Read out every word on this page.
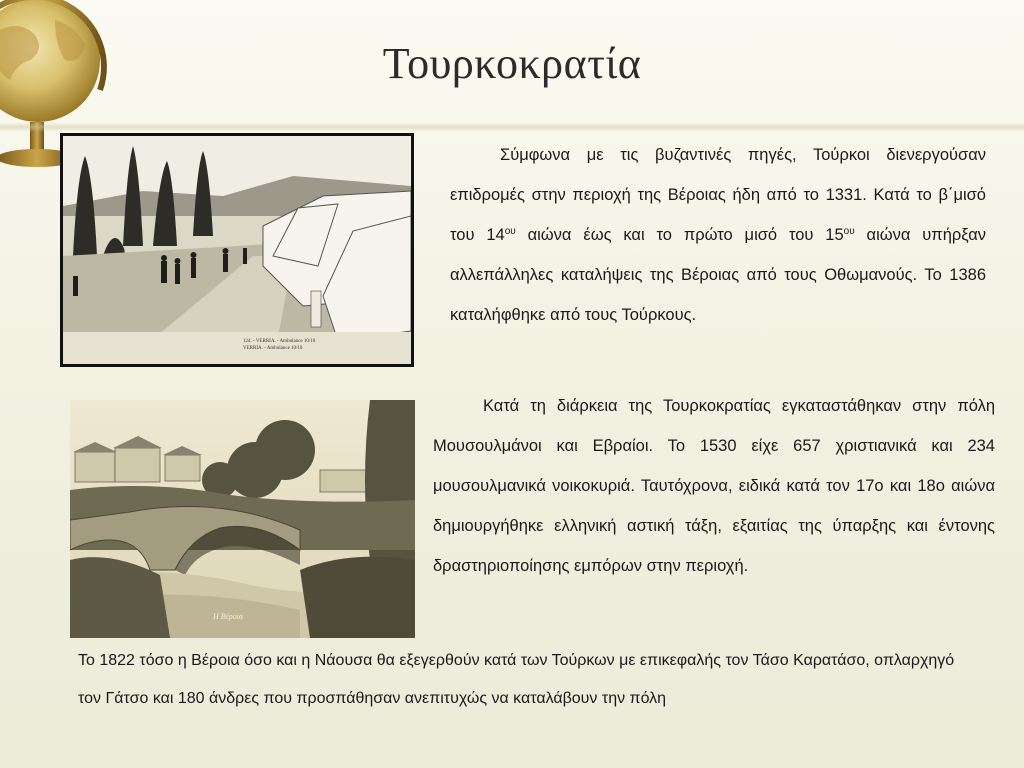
Τουρκοκρατία
124. - VERRIA. - Ambulance 10/10
VERRIA. - Ambulance 10/10
Η Βέροια
Σύμφωνα με τις βυζαντινές πηγές, Τούρκοι διενεργούσαν επιδρομές στην περιοχή της Βέροιας ήδη από το 1331. Κατά το β΄μισό του $14^{o\upsilon}$ αιώνα έως και το πρώτο μισό του $15^{o\upsilon}$ αιώνα υπήρξαν αλλεπάλληλες καταλήψεις της Βέροιας από τους Οθωμανούς. Το 1386 καταλήφθηκε από τους Τούρκους.
Κατά τη διάρκεια της Τουρκοκρατίας εγκαταστάθηκαν στην πόλη Μουσουλμάνοι και Εβραίοι. Το 1530 είχε 657 χριστιανικά και 234 μουσουλμανικά νοικοκυριά. Ταυτόχρονα, ειδικά κατά τον 17ο και 18ο αιώνα δημιουργήθηκε ελληνική αστική τάξη, εξαιτίας της ύπαρξης και έντονης δραστηριοποίησης εμπόρων στην περιοχή.
Το 1822 τόσο η Βέροια όσο και η Νάουσα θα εξεγερθούν κατά των Τούρκων με επικεφαλής τον Τάσο Καρατάσο, οπλαρχηγό τον Γάτσο και 180 άνδρες που προσπάθησαν ανεπιτυχώς να καταλάβουν την πόλη
